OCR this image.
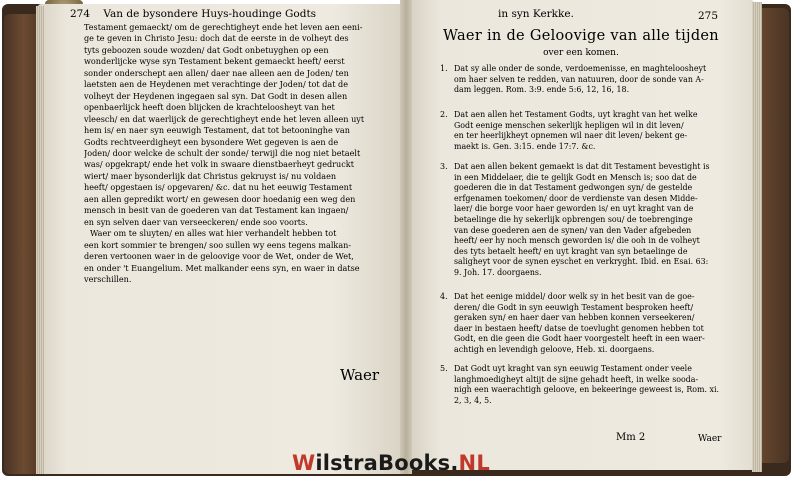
274 Van de bysondere Huys-houdinge Godts
Testament gemaeckt/ om de gerechtigheyt ende het leven aen eeni-
ge te geven in Christo Jesu: doch dat de eerste in de volheyt des
tyts geboozen soude wozden/ dat Godt onbetuyghen op een
wonderlijcke wyse syn Testament bekent gemaeckt heeft/ eerst
sonder onderschept aen allen/ daer nae alleen aen de Joden/ ten
laetsten aen de Heydenen met verachtinge der Joden/ tot dat de
volheyt der Heydenen ingegaen sal syn. Dat Godt in desen allen
openbaerlijck heeft doen blijcken de krachteloosheyt van het
vleesch/ en dat waerlijck de gerechtigheyt ende het leven alleen uyt
hem is/ en naer syn eeuwigh Testament, dat tot betooninghe van
Godts rechtveerdigheyt een bysondere Wet gegeven is aen de
Joden/ door welcke de schult der sonde/ terwijl die nog niet betaelt
was/ opgekrapt/ ende het volk in swaare dienstbaerheyt gedruckt
wiert/ maer bysonderlijk dat Christus gekruyst is/ nu voldaen
heeft/ opgestaen is/ opgevaren/ &c. dat nu het eeuwig Testament
aen allen gepredikt wort/ en gewesen door hoedanig een weg den
mensch in besit van de goederen van dat Testament kan ingaen/
en syn selven daer van verseeckeren/ ende soo voorts.
Waer om te sluyten/ en alles wat hier verhandelt hebben tot
een kort sommier te brengen/ soo sullen wy eens tegens malkan-
deren vertoonen waer in de geloovige voor de Wet, onder de Wet,
en onder 't Euangelium. Met malkander eens syn, en waer in datse
verschillen.
Waer
in syn Kerkke.	275
Waer in de Geloovige van alle tijden
over een komen.
1. Dat sy alle onder de sonde, verdoemenisse, en maghteloosheyt
om haer selven te redden, van natuuren, door de sonde van A-
dam leggen. Rom. 3:9. ende 5:6, 12, 16, 18.
2. Dat aen allen het Testament Godts, uyt kraght van het welke
Godt eenige menschen sekerlijk hepligen wil in dit leven/
en ter heerlijkheyt opnemen wil naer dit leven/ bekent ge-
maekt is. Gen. 3:15. ende 17:7. &c.
3. Dat aen allen bekent gemaekt is dat dit Testament bevestight is
in een Middelaer, die te gelijk Godt en Mensch is; soo dat de
goederen die in dat Testament gedwongen syn/ de gestelde
erfgenamen toekomen/ door de verdienste van desen Midde-
laer/ die borge voor haer geworden is/ en uyt kraght van de
betaelinge die hy sekerlijk opbrengen sou/ de toebrenginge
van dese goederen aen de synen/ van den Vader afgebeden
heeft/ eer hy noch mensch geworden is/ die ooh in de volheyt
des tyts betaelt heeft/ en uyt kraght van syn betaelinge de
saligheyt voor de synen eyschet en verkryght. Ibid. en Esai. 63:
9. Joh. 17. doorgaens.
4. Dat het eenige middel/ door welk sy in het besit van de goe-
deren/ die Godt in syn eeuwigh Testament besproken heeft/
geraken syn/ en haer daer van hebben konnen verseekeren/
daer in bestaen heeft/ datse de toevlught genomen hebben tot
Godt, en die geen die Godt haer voorgestelt heeft in een waer-
achtigh en levendigh geloove, Heb. xi. doorgaens.
5. Dat Godt uyt kraght van syn eeuwig Testament onder veele
langhmoedigheyt altijt de sijne gehadt heeft, in welke sooda-
nigh een waerachtigh geloove, en bekeeringe geweest is, Rom. xi.
2, 3, 4, 5.
Mm 2	Waer
WilstraBooks.NL
